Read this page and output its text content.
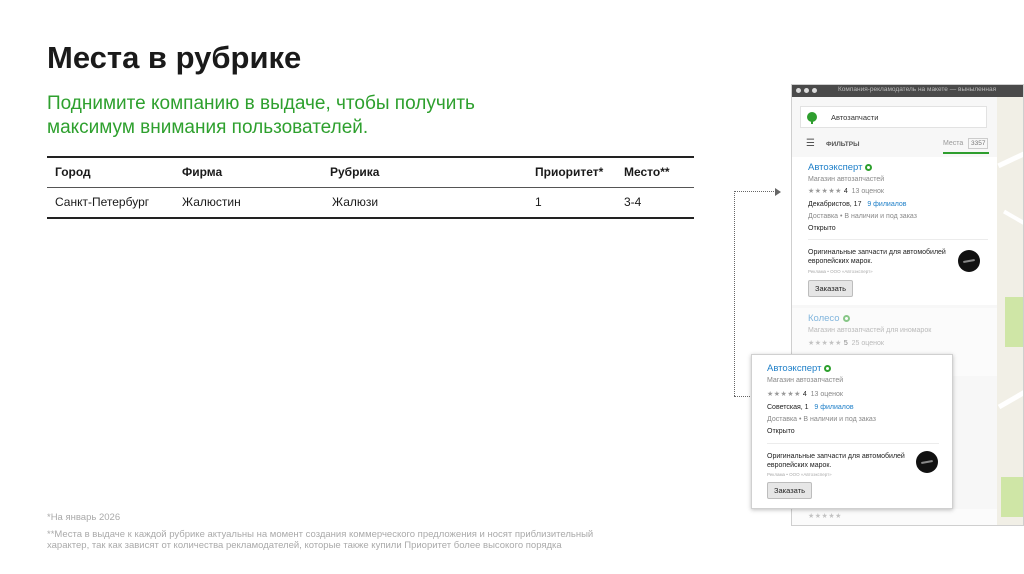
Места в рубрике
Поднимите компанию в выдаче, чтобы получить максимум внимания пользователей.
Город	Фирма	Рубрика	Приоритет*	Место**
Санкт-Петербург	Жалюстин	Жалюзи	1	3-4
*На январь 2026
**Места в выдаче к каждой рубрике актуальны на момент создания коммерческого предложения и носят приблизительный характер, так как зависят от количества рекламодателей, которые также купили Приоритет более высокого порядка
Компания-рекламодатель на макете — выныленная
Автозапчасти
☰ ФИЛЬТРЫ	Места	3357
Автоэксперт
Магазин автозапчастей
★★★★★ 4 13 оценок
Декабристов, 17 9 филиалов
Доставка • В наличии и под заказ
Открыто
Оригинальные запчасти для автомобилей европейских марок.
Реклама • ООО «Автоэксперт»
Заказать
Колесо
Магазин автозапчастей для иномарок
★★★★★ 5 25 оценок
★★★★★
Автоэксперт
Магазин автозапчастей
★★★★★ 4 13 оценок
Советская, 1 9 филиалов
Доставка • В наличии и под заказ
Открыто
Оригинальные запчасти для автомобилей европейских марок.
Реклама • ООО «Автоэксперт»
Заказать
